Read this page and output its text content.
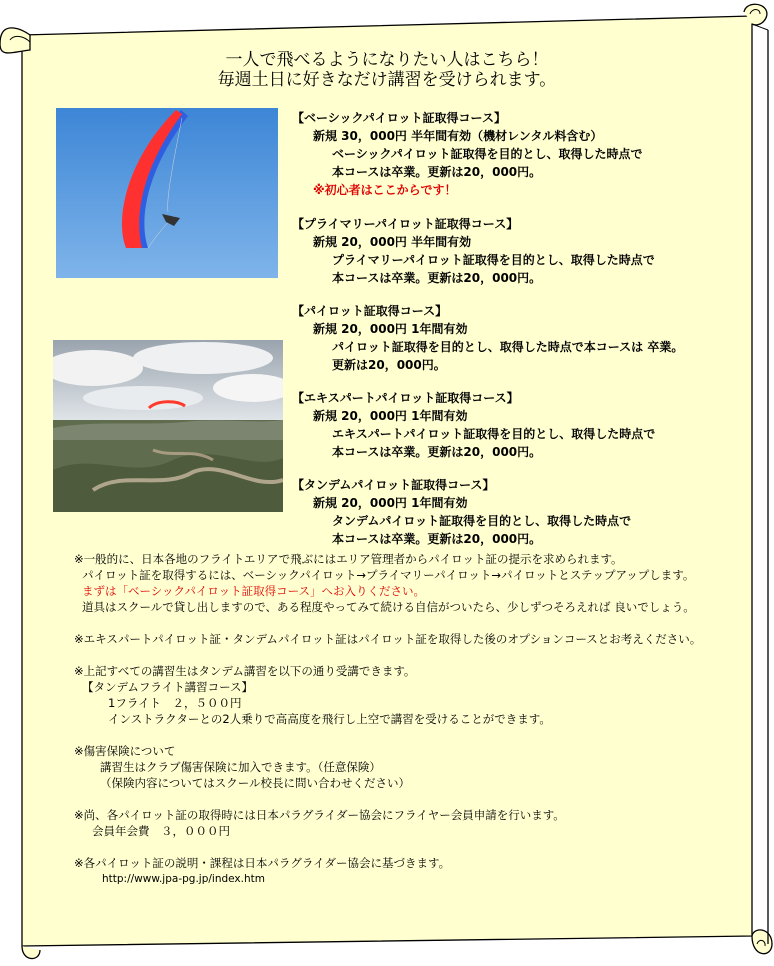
一人で飛べるようになりたい人はこちら！
毎週土日に好きなだけ講習を受けられます。
【ベーシックパイロット証取得コース】
新規 30，000円 半年間有効（機材レンタル料含む）
ベーシックパイロット証取得を目的とし、取得した時点で
本コースは卒業。更新は20，000円。
※初心者はここからです！
【プライマリーパイロット証取得コース】
新規 20，000円 半年間有効
プライマリーパイロット証取得を目的とし、取得した時点で
本コースは卒業。更新は20，000円。
【パイロット証取得コース】
新規 20，000円 1年間有効
パイロット証取得を目的とし、取得した時点で本コースは 卒業。
更新は20，000円。
【エキスパートパイロット証取得コース】
新規 20，000円 1年間有効
エキスパートパイロット証取得を目的とし、取得した時点で
本コースは卒業。更新は20，000円。
【タンデムパイロット証取得コース】
新規 20，000円 1年間有効
タンデムパイロット証取得を目的とし、取得した時点で
本コースは卒業。更新は20，000円。
※一般的に、日本各地のフライトエリアで飛ぶにはエリア管理者からパイロット証の提示を求められます。
パイロット証を取得するには、ベーシックパイロット→プライマリーパイロット→パイロットとステップアップします。
まずは「ベーシックパイロット証取得コース」へお入りください。
道具はスクールで貸し出しますので、ある程度やってみて続ける自信がついたら、少しずつそろえれば 良いでしょう。
※エキスパートパイロット証・タンデムパイロット証はパイロット証を取得した後のオプションコースとお考えください。
※上記すべての講習生はタンデム講習を以下の通り受講できます。
【タンデムフライト講習コース】
1フライト　２，５００円
インストラクターとの2人乗りで高高度を飛行し上空で講習を受けることができます。
※傷害保険について
講習生はクラブ傷害保険に加入できます。（任意保険）
（保険内容についてはスクール校長に問い合わせください）
※尚、各パイロット証の取得時には日本パラグライダー協会にフライヤー会員申請を行います。
会員年会費　３，０００円
※各パイロット証の説明・課程は日本パラグライダー協会に基づきます。
http://www.jpa-pg.jp/index.htm
